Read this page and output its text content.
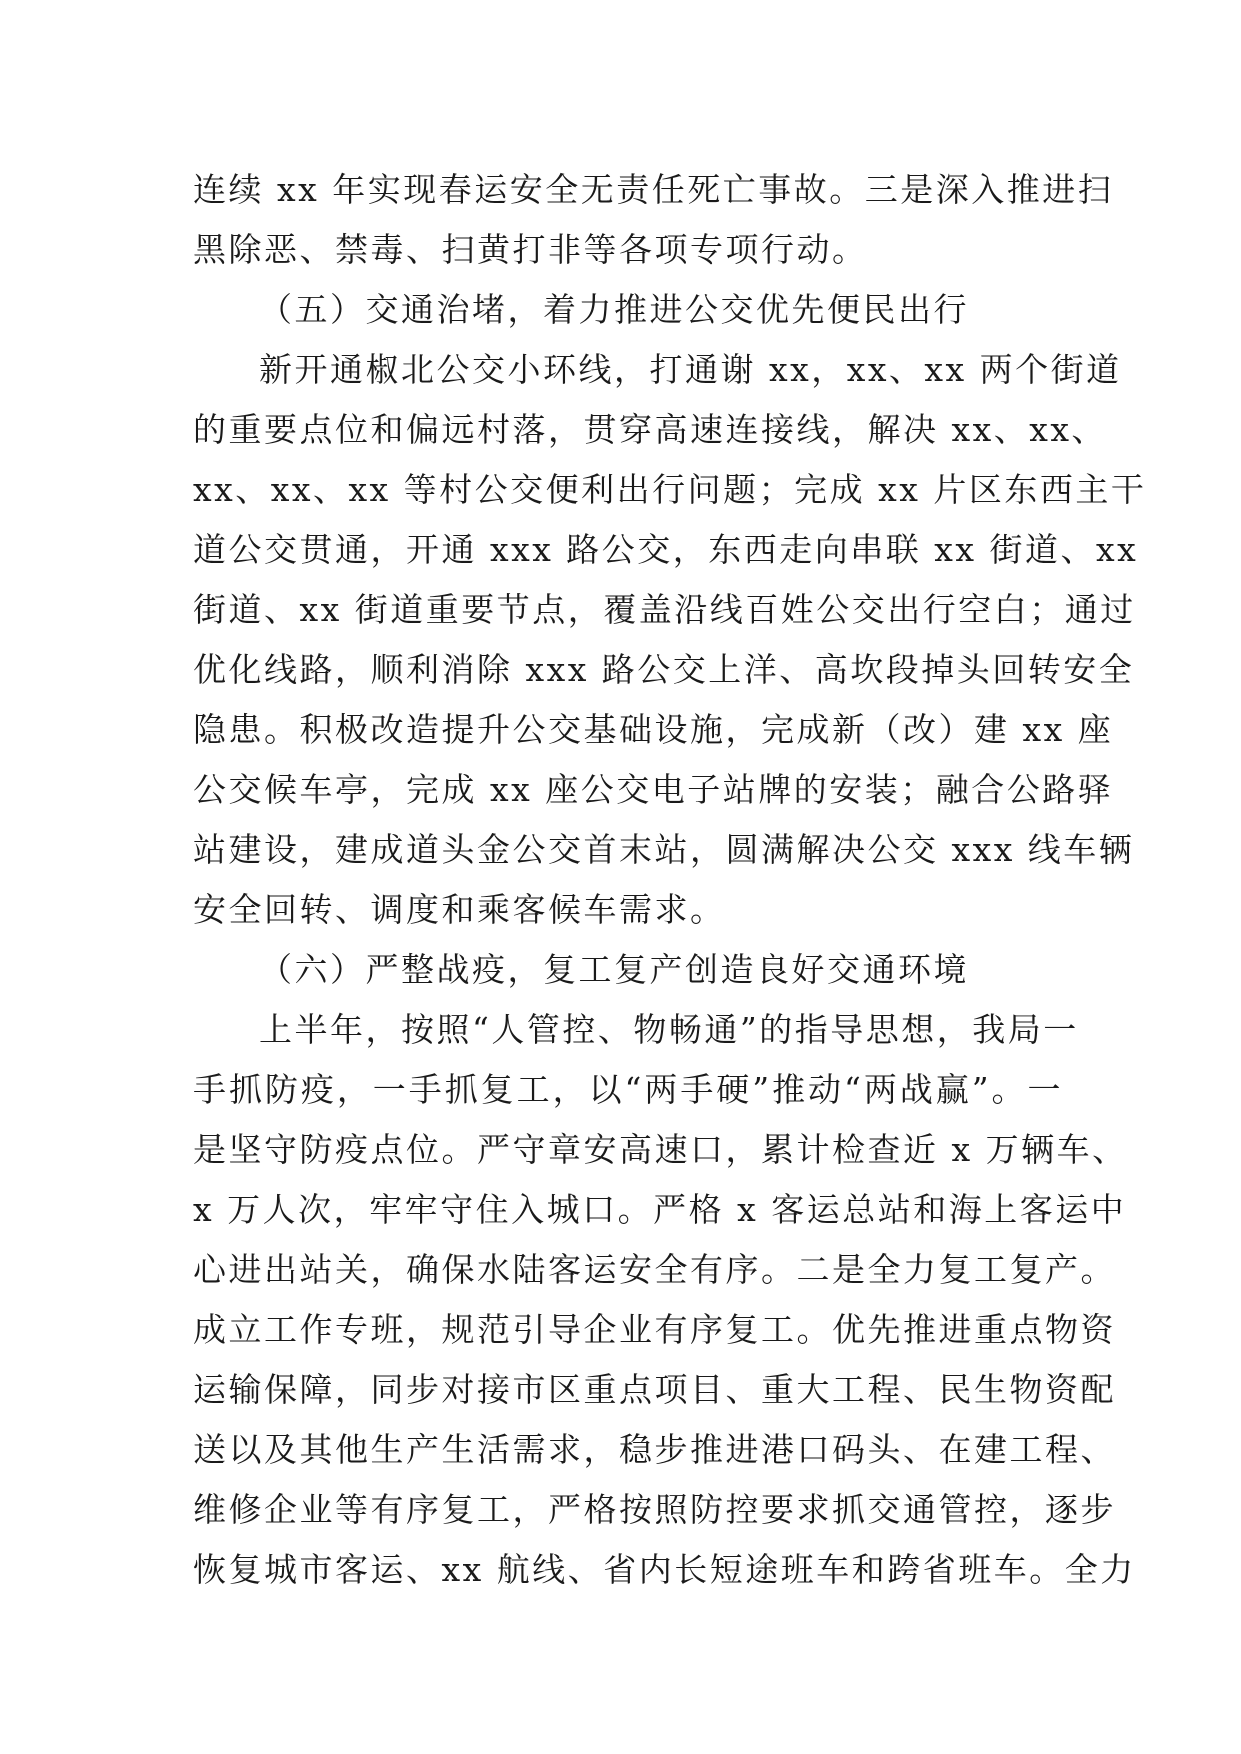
连续 xx 年实现春运安全无责任死亡事故。三是深入推进扫
黑除恶、禁毒、扫黄打非等各项专项行动。
（五）交通治堵，着力推进公交优先便民出行
新开通椒北公交小环线，打通谢 xx，xx、xx 两个街道
的重要点位和偏远村落，贯穿高速连接线，解决 xx、xx、
xx、xx、xx 等村公交便利出行问题；完成 xx 片区东西主干
道公交贯通，开通 xxx 路公交，东西走向串联 xx 街道、xx
街道、xx 街道重要节点，覆盖沿线百姓公交出行空白；通过
优化线路，顺利消除 xxx 路公交上洋、高坎段掉头回转安全
隐患。积极改造提升公交基础设施，完成新（改）建 xx 座
公交候车亭，完成 xx 座公交电子站牌的安装；融合公路驿
站建设，建成道头金公交首末站，圆满解决公交 xxx 线车辆
安全回转、调度和乘客候车需求。
（六）严整战疫，复工复产创造良好交通环境
上半年，按照“人管控、物畅通”的指导思想，我局一
手抓防疫，一手抓复工，以“两手硬”推动“两战赢”。一
是坚守防疫点位。严守章安高速口，累计检查近 x 万辆车、
x 万人次，牢牢守住入城口。严格 x 客运总站和海上客运中
心进出站关，确保水陆客运安全有序。二是全力复工复产。
成立工作专班，规范引导企业有序复工。优先推进重点物资
运输保障，同步对接市区重点项目、重大工程、民生物资配
送以及其他生产生活需求，稳步推进港口码头、在建工程、
维修企业等有序复工，严格按照防控要求抓交通管控，逐步
恢复城市客运、xx 航线、省内长短途班车和跨省班车。全力
